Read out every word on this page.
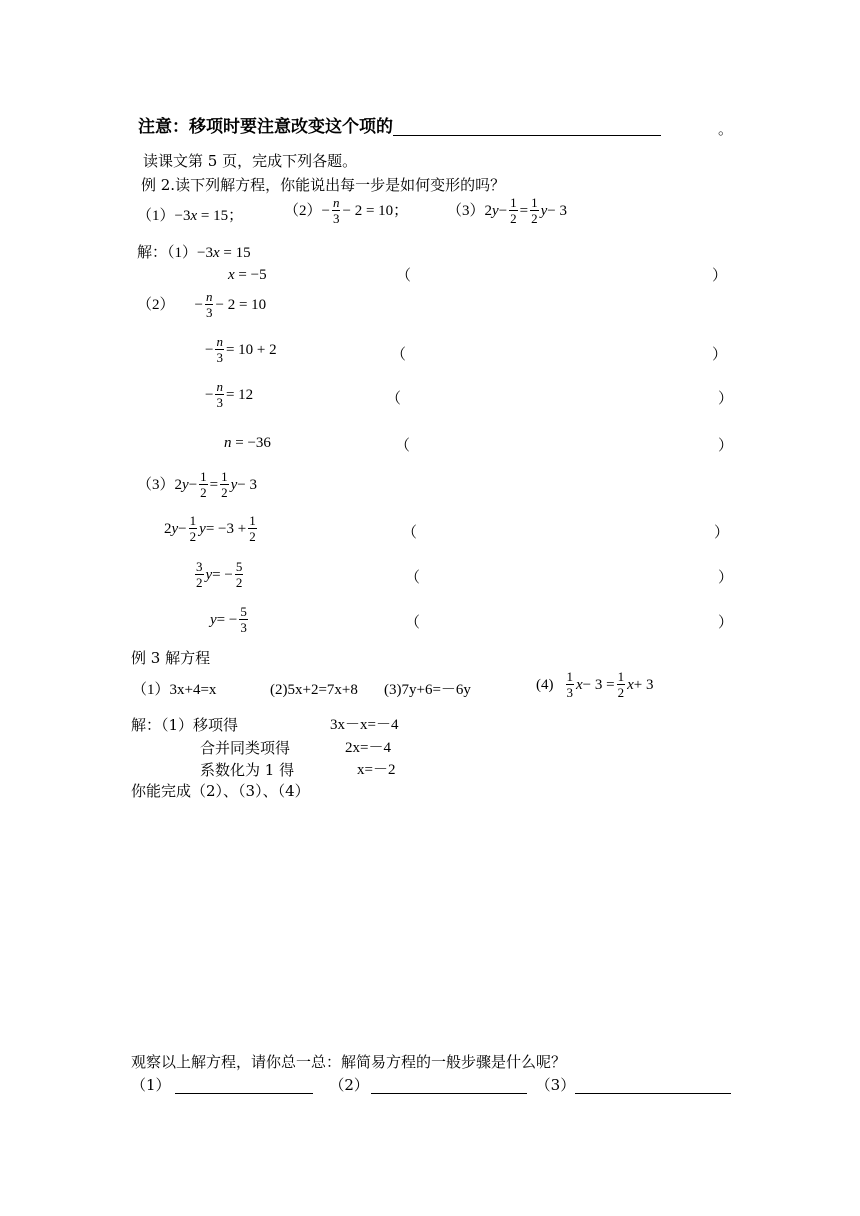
注意：移项时要注意改变这个项的	。
读课文第 5 页，完成下列各题。
例 2.读下列解方程，你能说出每一步是如何变形的吗？
（1）−3x = 15；	$(2) - \frac{n}{3} - 2 = 10$；	（3） 2 $y - \frac{1}{2} = \frac{1}{2}$ y − 3
解：（1）−3x = 15
x = −5	（	）
$(2) - \frac{n}{3} - 2 = 10$
− $\frac{n}{3} = 10 + 2$	（	）
− $\frac{n}{3} = 12$	（	）
n = −36	（	）
（3） 2 $y - \frac{1}{2} = \frac{1}{2}$ y − 3
2 $y - \frac{1}{2}$ $y = -3 + \frac{1}{2}$	（	）
$\frac{3}{2}$ y = − $\frac{5}{2}$	（	）
y = − $\frac{5}{3}$	（	）
例 3 解方程
（1）3x+4=x	(2)5x+2=7x+8 (3)7y+6=－6y	$(4) \frac{1}{3}$ $x - 3 = \frac{1}{2}$ x + 3
解：（1）移项得	3x－x=－4
合并同类项得	2x=－4
系数化为 1 得	x=－2
你能完成（2）、（3）、（4）
观察以上解方程，请你总一总：解简易方程的一般步骤是什么呢？
（1）	（2）	（3）
